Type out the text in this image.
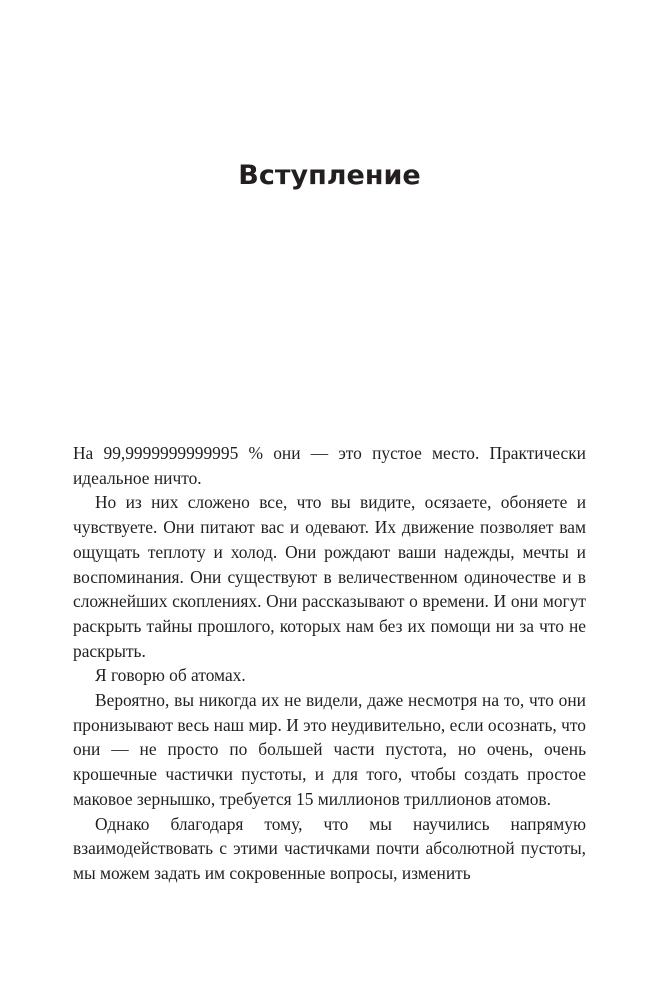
Вступление

На 99,9999999999995 % они — это пустое место. Практически идеальное ничто.

Но из них сложено все, что вы видите, осязаете, обоняете и чувствуете. Они питают вас и одевают. Их движение позволяет вам ощущать теплоту и холод. Они рождают ваши надежды, мечты и воспоминания. Они существуют в величественном одиночестве и в сложнейших скоплениях. Они рассказывают о времени. И они могут раскрыть тайны прошлого, которых нам без их помощи ни за что не раскрыть.

Я говорю об атомах.

Вероятно, вы никогда их не видели, даже несмотря на то, что они пронизывают весь наш мир. И это неудивительно, если осознать, что они — не просто по большей части пустота, но очень, очень крошечные частички пустоты, и для того, чтобы создать простое маковое зернышко, требуется 15 миллионов триллионов атомов.

Однако благодаря тому, что мы научились напрямую взаимодействовать с этими частичками почти абсолютной пустоты, мы можем задать им сокровенные вопросы, изменить
